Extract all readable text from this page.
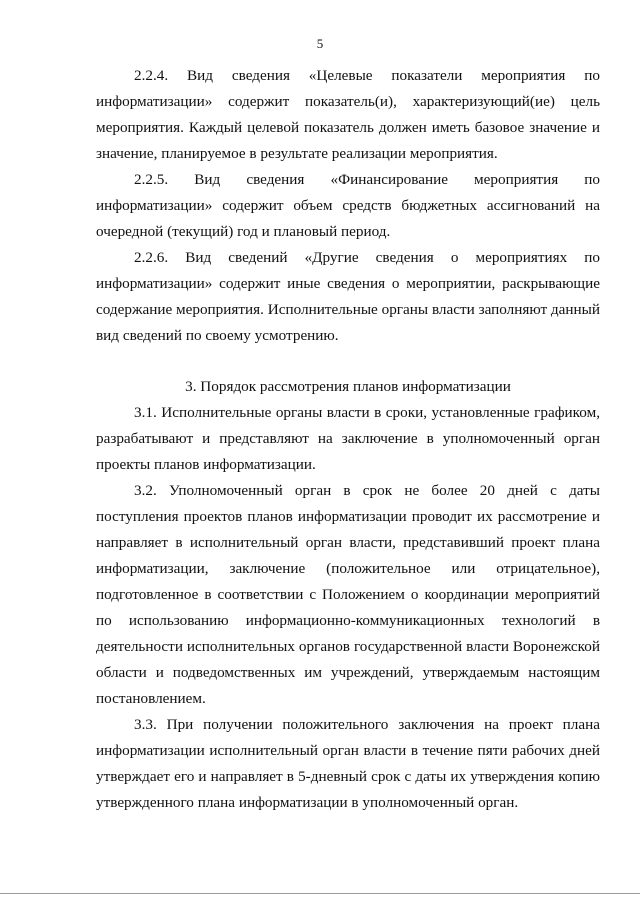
5

2.2.4. Вид сведения «Целевые показатели мероприятия по информатизации» содержит показатель(и), характеризующий(ие) цель мероприятия. Каждый целевой показатель должен иметь базовое значение и значение, планируемое в результате реализации мероприятия.

2.2.5. Вид сведения «Финансирование мероприятия по информатизации» содержит объем средств бюджетных ассигнований на очередной (текущий) год и плановый период.

2.2.6. Вид сведений «Другие сведения о мероприятиях по информатизации» содержит иные сведения о мероприятии, раскрывающие содержание мероприятия. Исполнительные органы власти заполняют данный вид сведений по своему усмотрению.

3. Порядок рассмотрения планов информатизации

3.1. Исполнительные органы власти в сроки, установленные графиком, разрабатывают и представляют на заключение в уполномоченный орган проекты планов информатизации.

3.2. Уполномоченный орган в срок не более 20 дней с даты поступления проектов планов информатизации проводит их рассмотрение и направляет в исполнительный орган власти, представивший проект плана информатизации, заключение (положительное или отрицательное), подготовленное в соответствии с Положением о координации мероприятий по использованию информационно-коммуникационных технологий в деятельности исполнительных органов государственной власти Воронежской области и подведомственных им учреждений, утверждаемым настоящим постановлением.

3.3. При получении положительного заключения на проект плана информатизации исполнительный орган власти в течение пяти рабочих дней утверждает его и направляет в 5-дневный срок с даты их утверждения копию утвержденного плана информатизации в уполномоченный орган.
